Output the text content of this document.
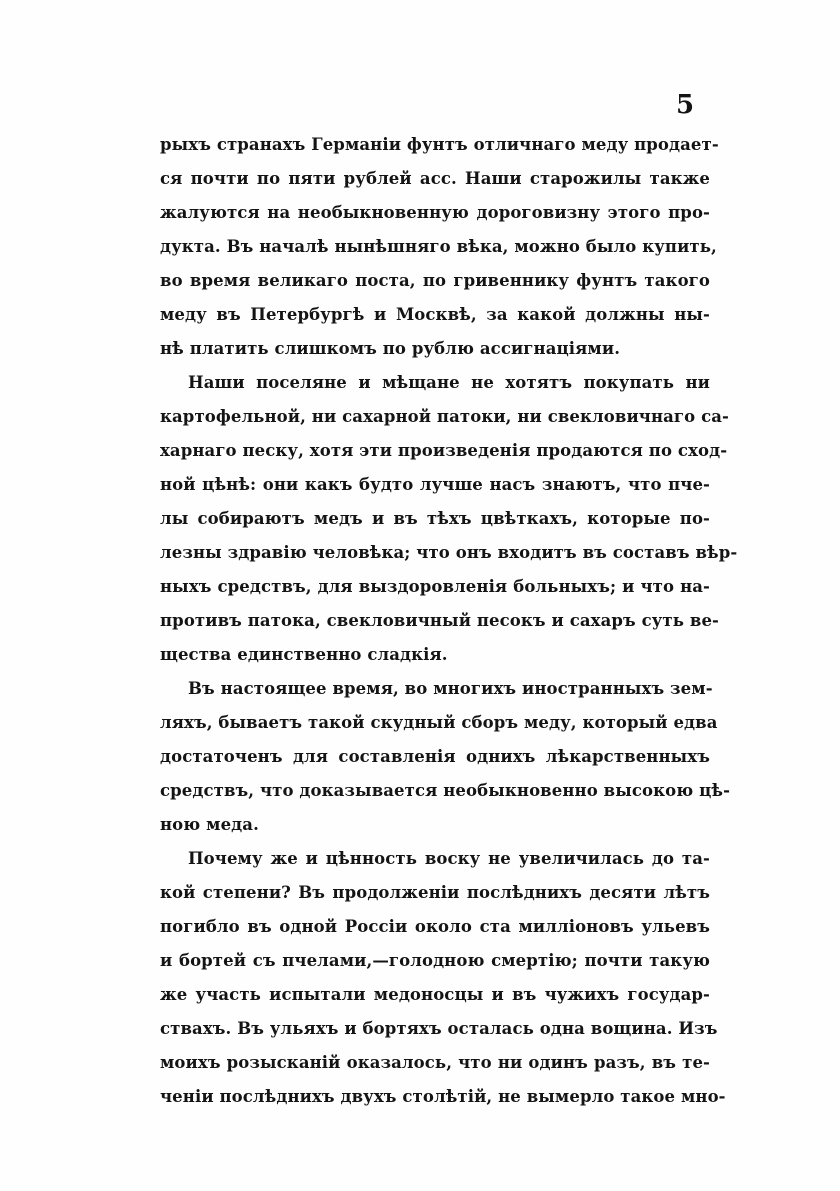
5
рыхъ странахъ Германіи фунтъ отличнаго меду продает-
ся почти по пяти рублей асс. Наши старожилы также
жалуются на необыкновенную дороговизну этого про-
дукта. Въ началѣ нынѣшняго вѣка, можно было купить,
во время великаго поста, по гривеннику фунтъ такого
меду въ Петербургѣ и Москвѣ, за какой должны ны-
нѣ платить слишкомъ по рублю ассигнаціями.
Наши поселяне и мѣщане не хотятъ покупать ни
картофельной, ни сахарной патоки, ни свекловичнаго са-
харнаго песку, хотя эти произведенія продаются по сход-
ной цѣнѣ: они какъ будто лучше насъ знаютъ, что пче-
лы собираютъ медъ и въ тѣхъ цвѣткахъ, которые по-
лезны здравію человѣка; что онъ входитъ въ составъ вѣр-
ныхъ средствъ, для выздоровленія больныхъ; и что на-
противъ патока, свекловичный песокъ и сахаръ суть ве-
щества единственно сладкія.
Въ настоящее время, во многихъ иностранныхъ зем-
ляхъ, бываетъ такой скудный сборъ меду, который едва
достаточенъ для составленія однихъ лѣкарственныхъ
средствъ, что доказывается необыкновенно высокою цѣ-
ною меда.
Почему же и цѣнность воску не увеличилась до та-
кой степени? Въ продолженіи послѣднихъ десяти лѣтъ
погибло въ одной Россіи около ста милліоновъ ульевъ
и бортей съ пчелами,—голодною смертію; почти такую
же участь испытали медоносцы и въ чужихъ государ-
ствахъ. Въ ульяхъ и бортяхъ осталась одна вощина. Изъ
моихъ розысканій оказалось, что ни одинъ разъ, въ те-
ченіи послѣднихъ двухъ столѣтій, не вымерло такое мно-
